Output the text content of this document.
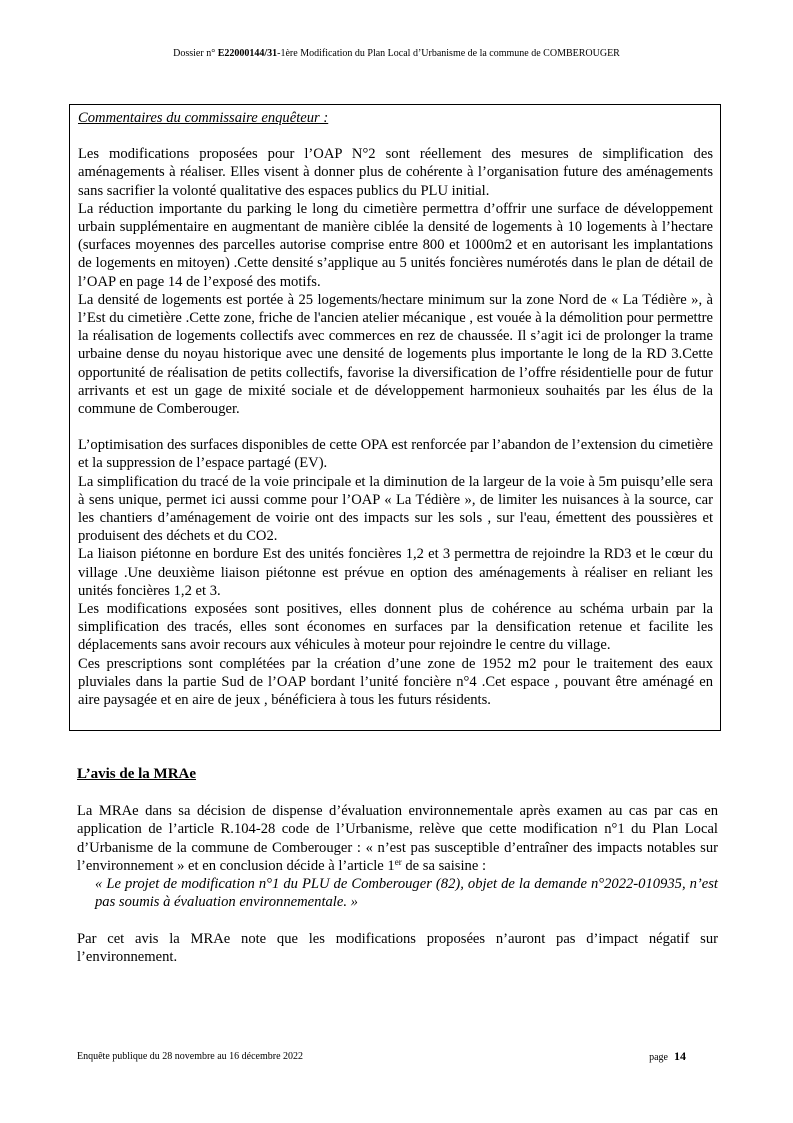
Dossier n° E22000144/31-1ère Modification du Plan Local d’Urbanisme de la commune de COMBEROUGER

Commentaires du commissaire enquêteur :

Les modifications proposées pour l’OAP N°2 sont réellement des mesures de simplification des aménagements à réaliser. Elles visent à donner plus de cohérente à l’organisation future des aménagements sans sacrifier la volonté qualitative des espaces publics du PLU initial.

La réduction importante du parking le long du cimetière permettra d’offrir une surface de développement urbain supplémentaire en augmentant de manière ciblée la densité de logements à 10 logements à l’hectare (surfaces moyennes des parcelles autorise comprise entre 800 et 1000m2 et en autorisant les implantations de logements en mitoyen) .Cette densité s’applique au 5 unités foncières numérotés dans le plan de détail de l’OAP en page 14 de l’exposé des motifs.

La densité de logements est portée à 25 logements/hectare minimum sur la zone Nord de « La Tédière », à l’Est du cimetière .Cette zone, friche de l'ancien atelier mécanique , est vouée à la démolition pour permettre la réalisation de logements collectifs avec commerces en rez de chaussée. Il s’agit ici de prolonger la trame urbaine dense du noyau historique avec une densité de logements plus importante le long de la RD 3.Cette opportunité de réalisation de petits collectifs, favorise la diversification de l’offre résidentielle pour de futur arrivants et est un gage de mixité sociale et de développement harmonieux souhaités par les élus de la commune de Comberouger.

L’optimisation des surfaces disponibles de cette OPA est renforcée par l’abandon de l’extension du cimetière et la suppression de l’espace partagé (EV).

La simplification du tracé de la voie principale et la diminution de la largeur de la voie à 5m puisqu’elle sera à sens unique, permet ici aussi comme pour l’OAP « La Tédière », de limiter les nuisances à la source, car les chantiers d’aménagement de voirie ont des impacts sur les sols , sur l'eau, émettent des poussières et produisent des déchets et du CO2.

La liaison piétonne en bordure Est des unités foncières 1,2 et 3 permettra de rejoindre la RD3 et le cœur du village .Une deuxième liaison piétonne est prévue en option des aménagements à réaliser en reliant les unités foncières 1,2 et 3.

Les modifications exposées sont positives, elles donnent plus de cohérence au schéma urbain par la simplification des tracés, elles sont économes en surfaces par la densification retenue et facilite les déplacements sans avoir recours aux véhicules à moteur pour rejoindre le centre du village.

Ces prescriptions sont complétées par la création d’une zone de 1952 m2 pour le traitement des eaux pluviales dans la partie Sud de l’OAP bordant l’unité foncière n°4 .Cet espace , pouvant être aménagé en aire paysagée et en aire de jeux , bénéficiera à tous les futurs résidents.

L’avis de la MRAe

La MRAe dans sa décision de dispense d’évaluation environnementale après examen au cas par cas en application de l’article R.104-28 code de l’Urbanisme, relève que cette modification n°1 du Plan Local d’Urbanisme de la commune de Comberouger : « n’est pas susceptible d’entraîner des impacts notables sur l’environnement » et en conclusion décide à l’article 1er de sa saisine :

« Le projet de modification n°1 du PLU de Comberouger (82), objet de la demande n°2022-010935, n’est pas soumis à évaluation environnementale. »

Par cet avis la MRAe note que les modifications proposées n’auront pas d’impact négatif sur l’environnement.

Enquête publique du 28 novembre au 16 décembre 2022	page 14
